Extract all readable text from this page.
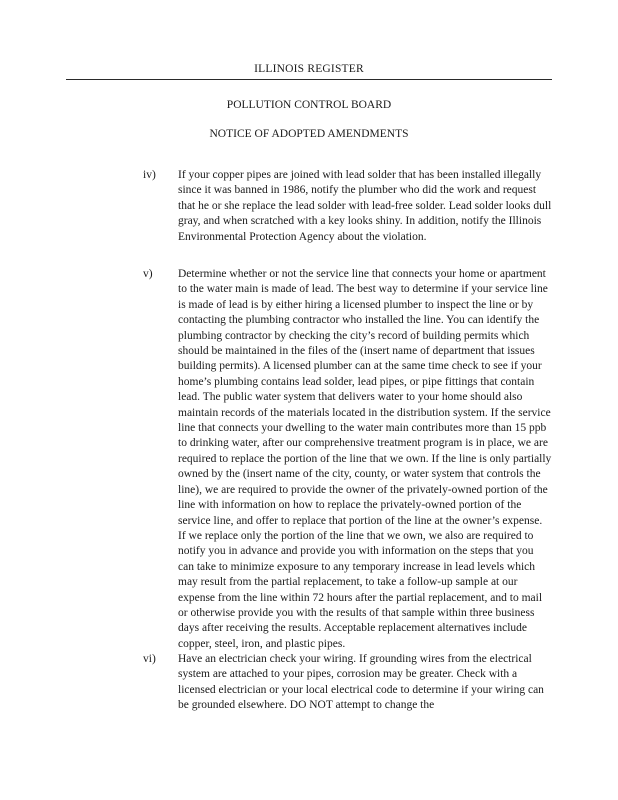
ILLINOIS REGISTER
POLLUTION CONTROL BOARD
NOTICE OF ADOPTED AMENDMENTS
iv) If your copper pipes are joined with lead solder that has been installed illegally since it was banned in 1986, notify the plumber who did the work and request that he or she replace the lead solder with lead-free solder. Lead solder looks dull gray, and when scratched with a key looks shiny. In addition, notify the Illinois Environmental Protection Agency about the violation.
v) Determine whether or not the service line that connects your home or apartment to the water main is made of lead. The best way to determine if your service line is made of lead is by either hiring a licensed plumber to inspect the line or by contacting the plumbing contractor who installed the line. You can identify the plumbing contractor by checking the city’s record of building permits which should be maintained in the files of the (insert name of department that issues building permits). A licensed plumber can at the same time check to see if your home’s plumbing contains lead solder, lead pipes, or pipe fittings that contain lead. The public water system that delivers water to your home should also maintain records of the materials located in the distribution system. If the service line that connects your dwelling to the water main contributes more than 15 ppb to drinking water, after our comprehensive treatment program is in place, we are required to replace the portion of the line that we own. If the line is only partially owned by the (insert name of the city, county, or water system that controls the line), we are required to provide the owner of the privately-owned portion of the line with information on how to replace the privately-owned portion of the service line, and offer to replace that portion of the line at the owner’s expense. If we replace only the portion of the line that we own, we also are required to notify you in advance and provide you with information on the steps that you can take to minimize exposure to any temporary increase in lead levels which may result from the partial replacement, to take a follow-up sample at our expense from the line within 72 hours after the partial replacement, and to mail or otherwise provide you with the results of that sample within three business days after receiving the results. Acceptable replacement alternatives include copper, steel, iron, and plastic pipes.
vi) Have an electrician check your wiring. If grounding wires from the electrical system are attached to your pipes, corrosion may be greater. Check with a licensed electrician or your local electrical code to determine if your wiring can be grounded elsewhere. DO NOT attempt to change the
